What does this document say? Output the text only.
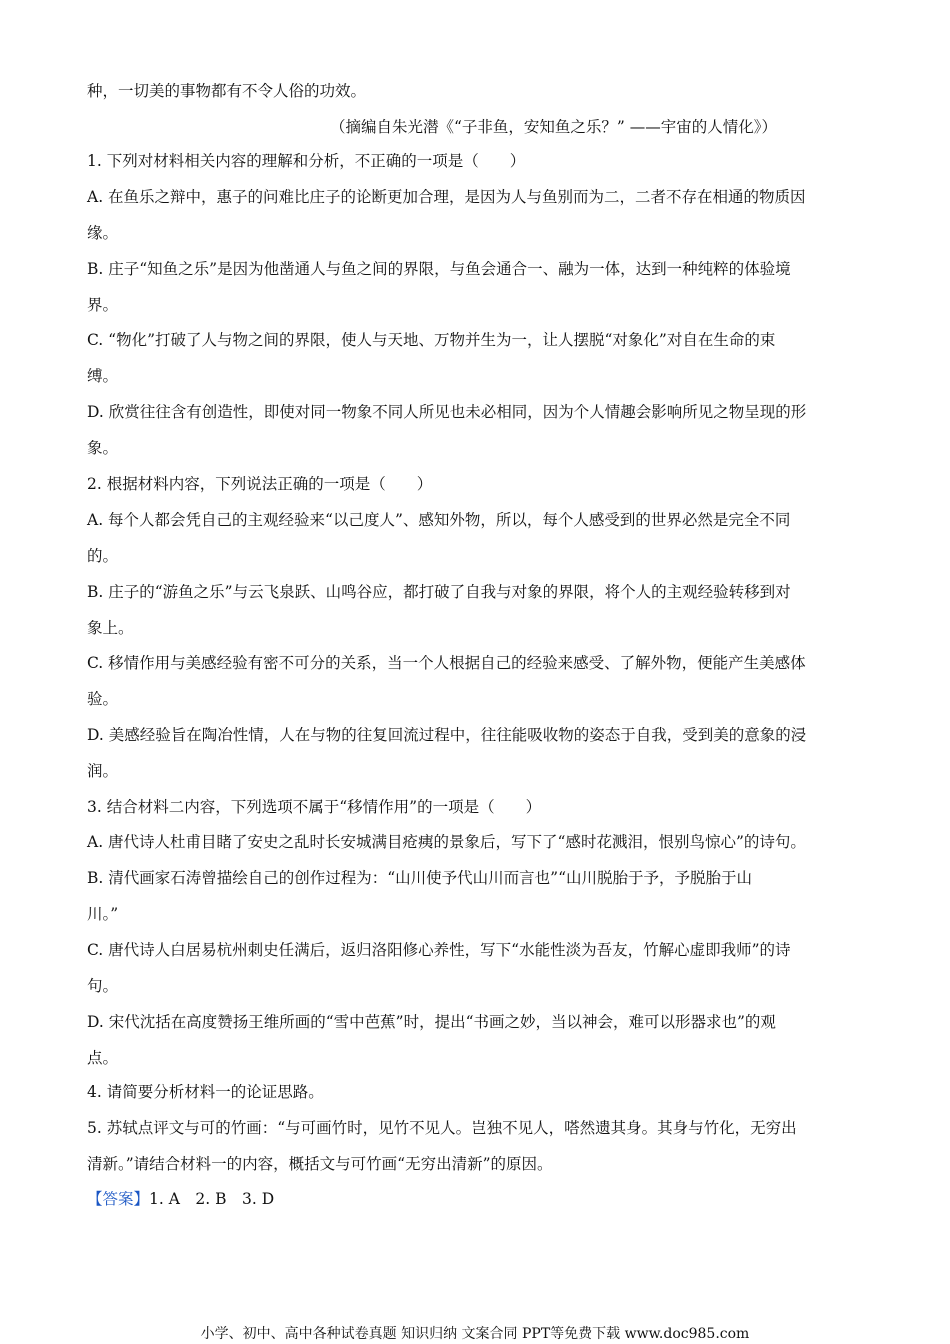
种，一切美的事物都有不令人俗的功效。
（摘编自朱光潜《“子非鱼，安知鱼之乐？” ——宇宙的人情化》）
1. 下列对材料相关内容的理解和分析，不正确的一项是（　　）
A. 在鱼乐之辩中，惠子的问难比庄子的论断更加合理，是因为人与鱼别而为二，二者不存在相通的物质因
缘。
B. 庄子“知鱼之乐”是因为他凿通人与鱼之间的界限，与鱼会通合一、融为一体，达到一种纯粹的体验境
界。
C. “物化”打破了人与物之间的界限，使人与天地、万物并生为一，让人摆脱“对象化”对自在生命的束
缚。
D. 欣赏往往含有创造性，即使对同一物象不同人所见也未必相同，因为个人情趣会影响所见之物呈现的形
象。
2. 根据材料内容，下列说法正确的一项是（　　）
A. 每个人都会凭自己的主观经验来“以己度人”、感知外物，所以，每个人感受到的世界必然是完全不同
的。
B. 庄子的“游鱼之乐”与云飞泉跃、山鸣谷应，都打破了自我与对象的界限，将个人的主观经验转移到对
象上。
C. 移情作用与美感经验有密不可分的关系，当一个人根据自己的经验来感受、了解外物，便能产生美感体
验。
D. 美感经验旨在陶冶性情，人在与物的往复回流过程中，往往能吸收物的姿态于自我，受到美的意象的浸
润。
3. 结合材料二内容，下列选项不属于“移情作用”的一项是（　　）
A. 唐代诗人杜甫目睹了安史之乱时长安城满目疮痍的景象后，写下了“感时花溅泪，恨别鸟惊心”的诗句。
B. 清代画家石涛曾描绘自己的创作过程为：“山川使予代山川而言也”“山川脱胎于予，予脱胎于山
川。”
C. 唐代诗人白居易杭州刺史任满后，返归洛阳修心养性，写下“水能性淡为吾友，竹解心虚即我师”的诗
句。
D. 宋代沈括在高度赞扬王维所画的“雪中芭蕉”时，提出“书画之妙，当以神会，难可以形器求也”的观
点。
4. 请简要分析材料一的论证思路。
5. 苏轼点评文与可的竹画：“与可画竹时，见竹不见人。岂独不见人，嗒然遗其身。其身与竹化，无穷出
清新。”请结合材料一的内容，概括文与可竹画“无穷出清新”的原因。
【答案】1. A　2. B　3. D
小学、初中、高中各种试卷真题 知识归纳 文案合同 PPT等免费下载 www.doc985.com
